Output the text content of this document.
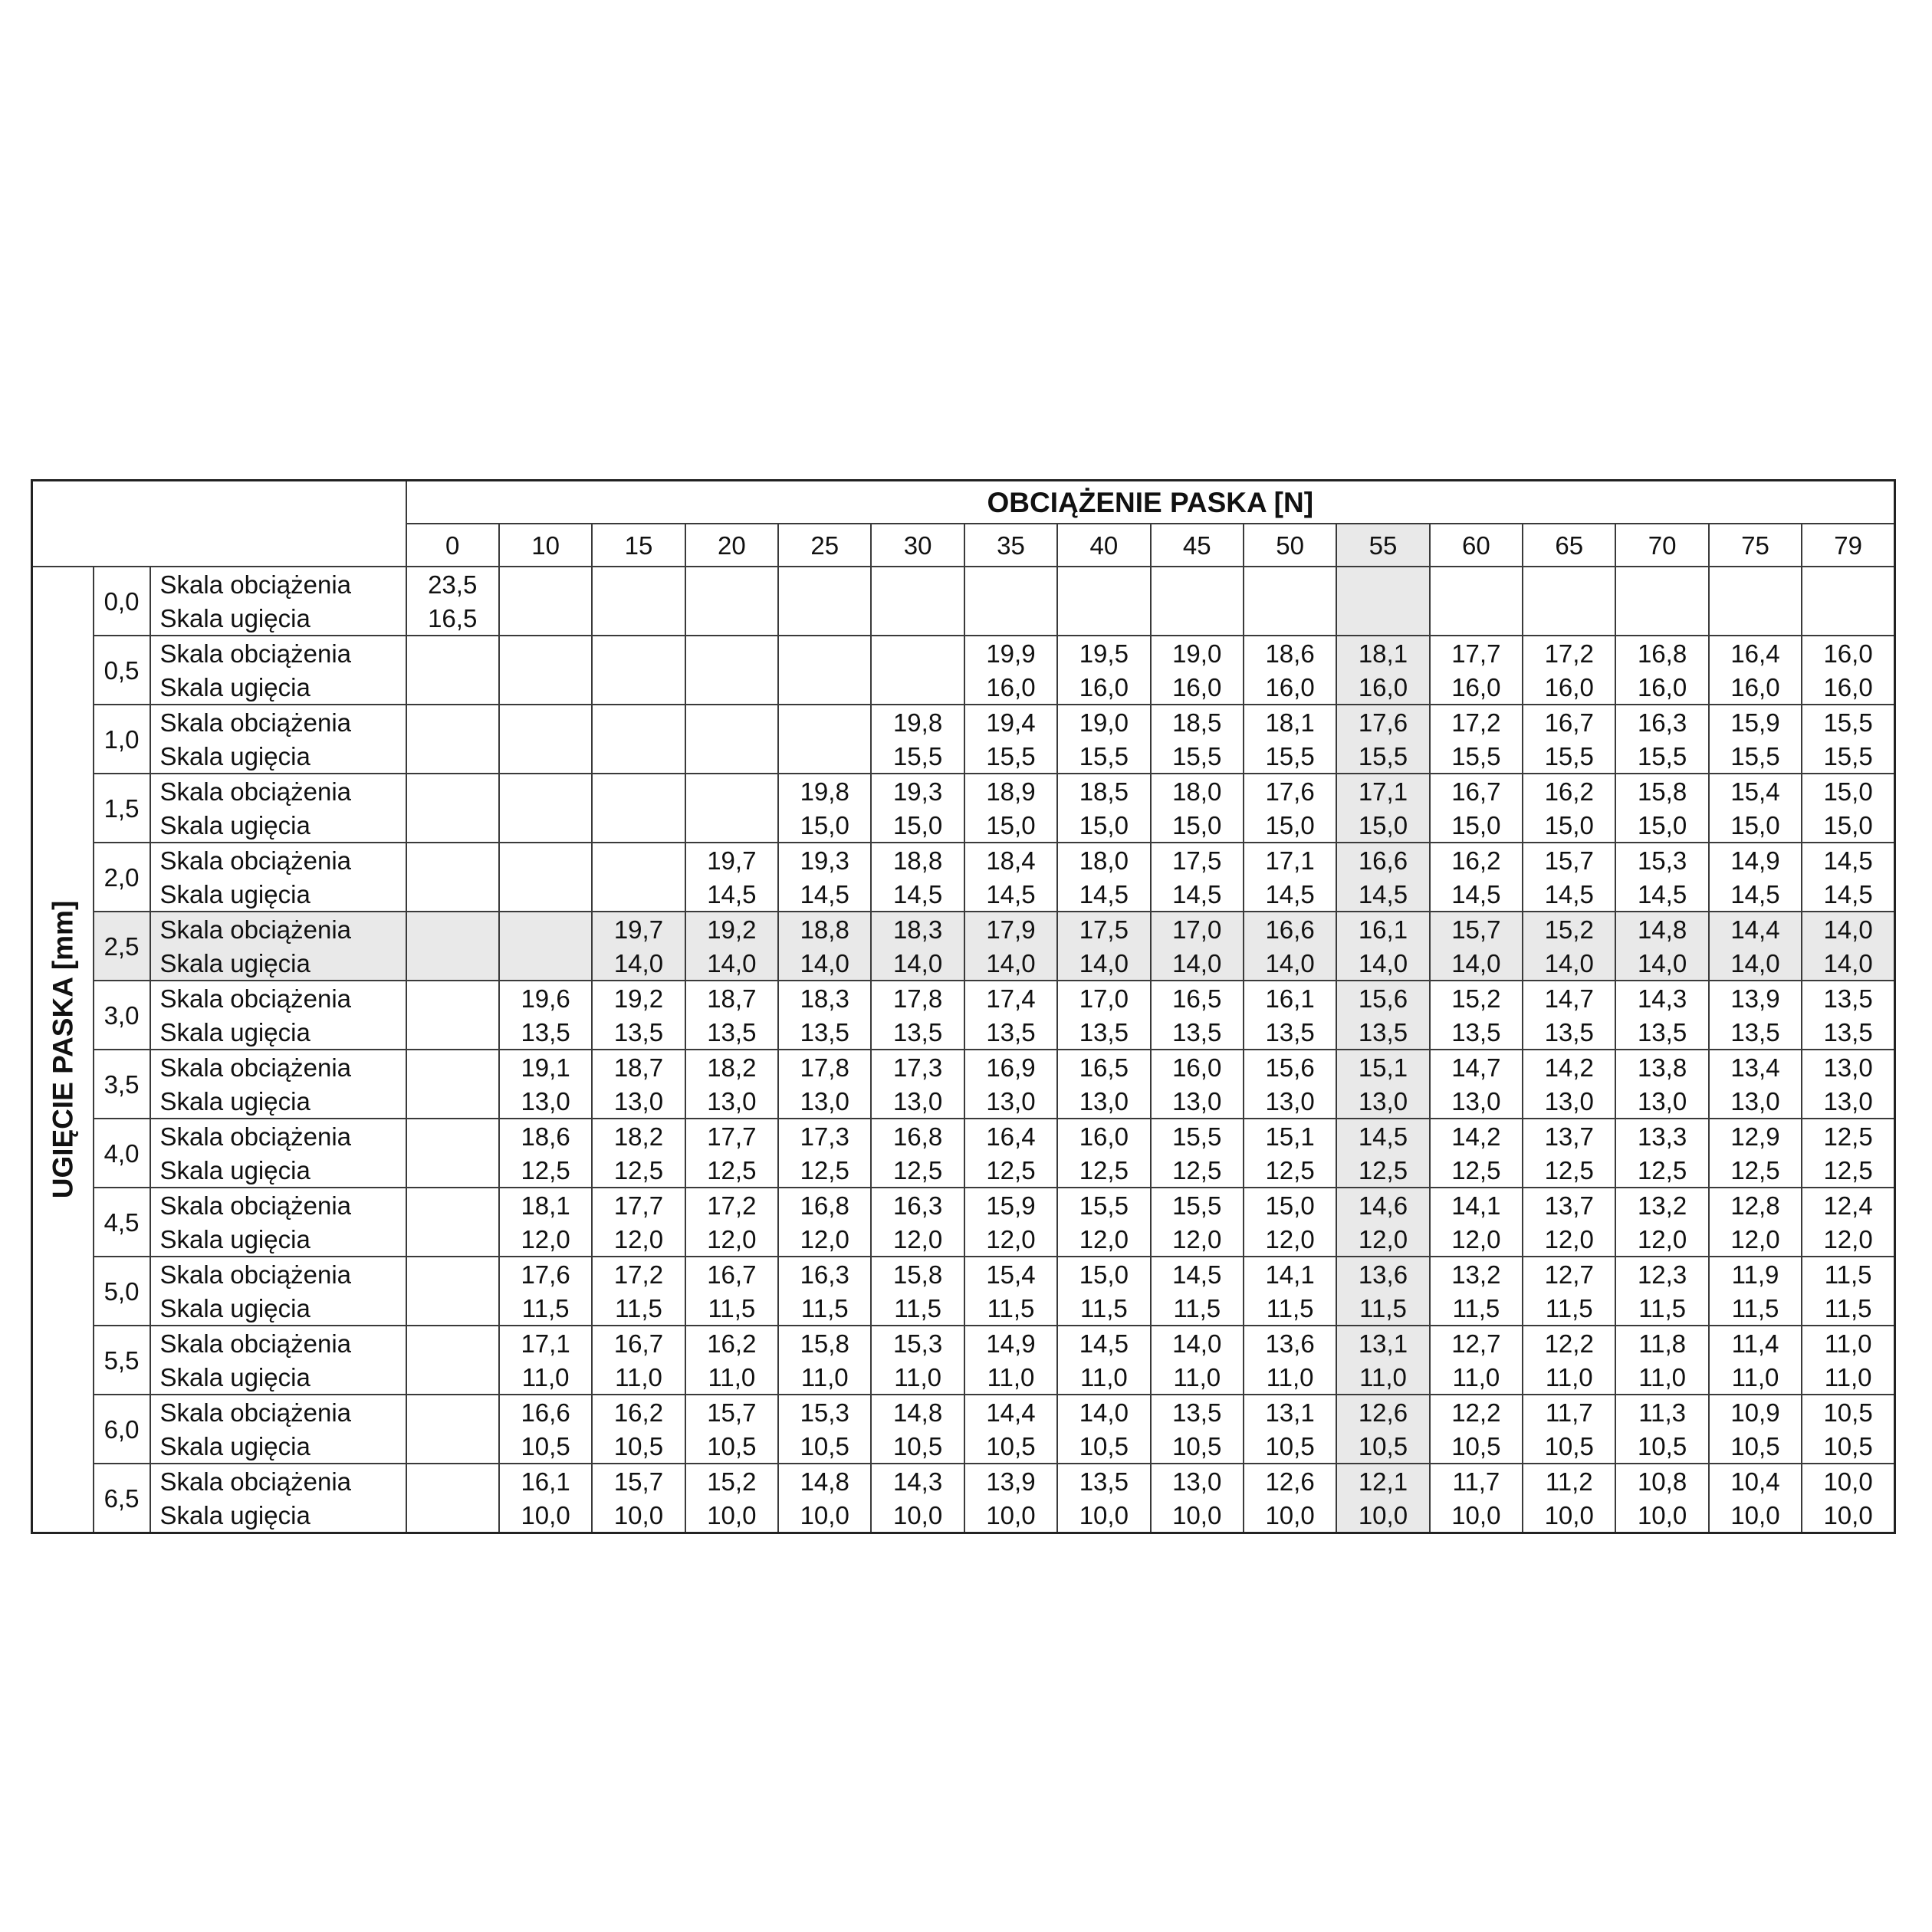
			OBCIĄŻENIE PASKA [N]															
			0	10	15	20	25	30	35	40	45	50	55	60	65	70	75	79

UGIĘCIE PASKA [mm]	0,0	Skala obciążenia	23,5															
		Skala ugięcia	16,5															
	0,5	Skala obciążenia							19,9	19,5	19,0	18,6	18,1	17,7	17,2	16,8	16,4	16,0
		Skala ugięcia							16,0	16,0	16,0	16,0	16,0	16,0	16,0	16,0	16,0	16,0
	1,0	Skala obciążenia						19,8	19,4	19,0	18,5	18,1	17,6	17,2	16,7	16,3	15,9	15,5
		Skala ugięcia						15,5	15,5	15,5	15,5	15,5	15,5	15,5	15,5	15,5	15,5	15,5
	1,5	Skala obciążenia					19,8	19,3	18,9	18,5	18,0	17,6	17,1	16,7	16,2	15,8	15,4	15,0
		Skala ugięcia					15,0	15,0	15,0	15,0	15,0	15,0	15,0	15,0	15,0	15,0	15,0	15,0
	2,0	Skala obciążenia				19,7	19,3	18,8	18,4	18,0	17,5	17,1	16,6	16,2	15,7	15,3	14,9	14,5
		Skala ugięcia				14,5	14,5	14,5	14,5	14,5	14,5	14,5	14,5	14,5	14,5	14,5	14,5	14,5
	2,5	Skala obciążenia			19,7	19,2	18,8	18,3	17,9	17,5	17,0	16,6	16,1	15,7	15,2	14,8	14,4	14,0
		Skala ugięcia			14,0	14,0	14,0	14,0	14,0	14,0	14,0	14,0	14,0	14,0	14,0	14,0	14,0	14,0
	3,0	Skala obciążenia		19,6	19,2	18,7	18,3	17,8	17,4	17,0	16,5	16,1	15,6	15,2	14,7	14,3	13,9	13,5
		Skala ugięcia		13,5	13,5	13,5	13,5	13,5	13,5	13,5	13,5	13,5	13,5	13,5	13,5	13,5	13,5	13,5
	3,5	Skala obciążenia		19,1	18,7	18,2	17,8	17,3	16,9	16,5	16,0	15,6	15,1	14,7	14,2	13,8	13,4	13,0
		Skala ugięcia		13,0	13,0	13,0	13,0	13,0	13,0	13,0	13,0	13,0	13,0	13,0	13,0	13,0	13,0	13,0
	4,0	Skala obciążenia		18,6	18,2	17,7	17,3	16,8	16,4	16,0	15,5	15,1	14,5	14,2	13,7	13,3	12,9	12,5
		Skala ugięcia		12,5	12,5	12,5	12,5	12,5	12,5	12,5	12,5	12,5	12,5	12,5	12,5	12,5	12,5	12,5
	4,5	Skala obciążenia		18,1	17,7	17,2	16,8	16,3	15,9	15,5	15,5	15,0	14,6	14,1	13,7	13,2	12,8	12,4
		Skala ugięcia		12,0	12,0	12,0	12,0	12,0	12,0	12,0	12,0	12,0	12,0	12,0	12,0	12,0	12,0	12,0
	5,0	Skala obciążenia		17,6	17,2	16,7	16,3	15,8	15,4	15,0	14,5	14,1	13,6	13,2	12,7	12,3	11,9	11,5
		Skala ugięcia		11,5	11,5	11,5	11,5	11,5	11,5	11,5	11,5	11,5	11,5	11,5	11,5	11,5	11,5	11,5
	5,5	Skala obciążenia		17,1	16,7	16,2	15,8	15,3	14,9	14,5	14,0	13,6	13,1	12,7	12,2	11,8	11,4	11,0
		Skala ugięcia		11,0	11,0	11,0	11,0	11,0	11,0	11,0	11,0	11,0	11,0	11,0	11,0	11,0	11,0	11,0
	6,0	Skala obciążenia		16,6	16,2	15,7	15,3	14,8	14,4	14,0	13,5	13,1	12,6	12,2	11,7	11,3	10,9	10,5
		Skala ugięcia		10,5	10,5	10,5	10,5	10,5	10,5	10,5	10,5	10,5	10,5	10,5	10,5	10,5	10,5	10,5
	6,5	Skala obciążenia		16,1	15,7	15,2	14,8	14,3	13,9	13,5	13,0	12,6	12,1	11,7	11,2	10,8	10,4	10,0
		Skala ugięcia		10,0	10,0	10,0	10,0	10,0	10,0	10,0	10,0	10,0	10,0	10,0	10,0	10,0	10,0	10,0
